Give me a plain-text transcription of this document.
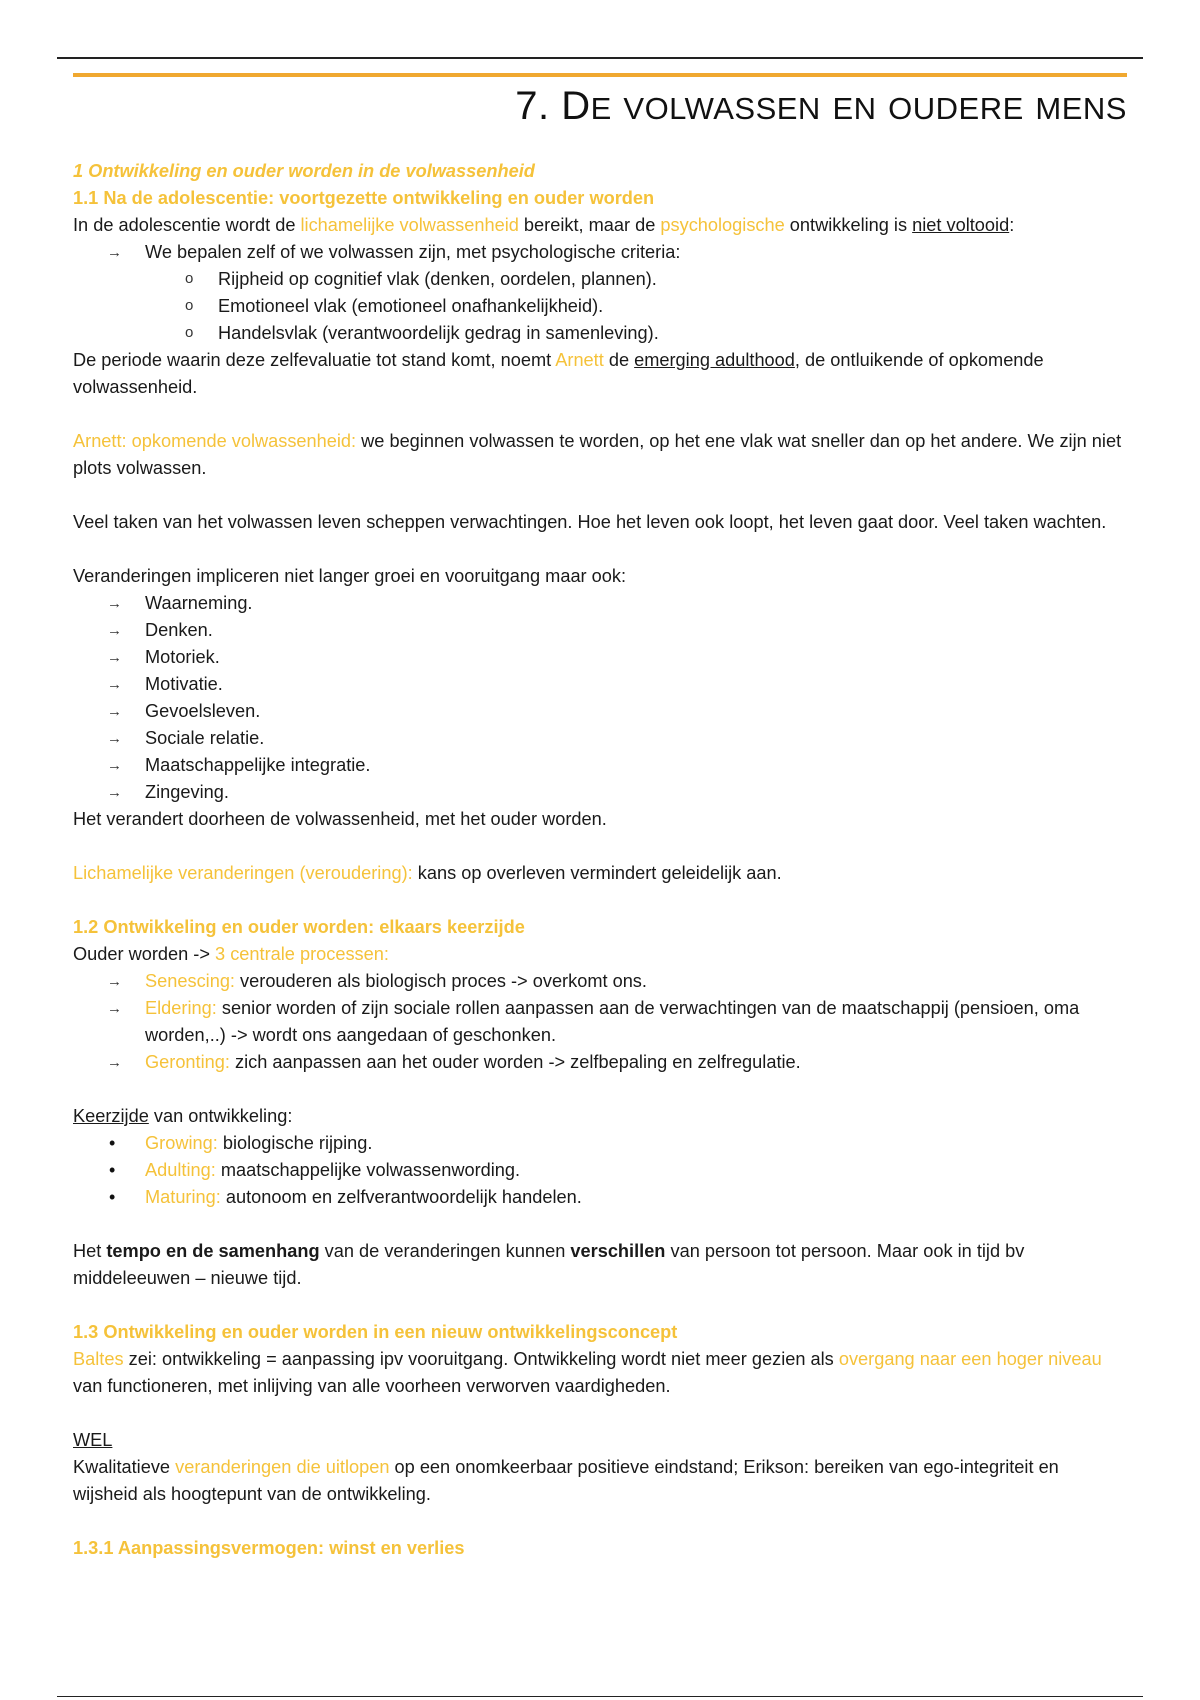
7. DE VOLWASSEN EN OUDERE MENS
1 Ontwikkeling en ouder worden in de volwassenheid
1.1 Na de adolescentie: voortgezette ontwikkeling en ouder worden

In de adolescentie wordt de lichamelijke volwassenheid bereikt, maar de psychologische ontwikkeling is niet voltooid:

→ We bepalen zelf of we volwassen zijn, met psychologische criteria:
o Rijpheid op cognitief vlak (denken, oordelen, plannen).
o Emotioneel vlak (emotioneel onafhankelijkheid).
o Handelsvlak (verantwoordelijk gedrag in samenleving).

De periode waarin deze zelfevaluatie tot stand komt, noemt Arnett de emerging adulthood, de ontluikende of opkomende volwassenheid.

Arnett: opkomende volwassenheid: we beginnen volwassen te worden, op het ene vlak wat sneller dan op het andere. We zijn niet plots volwassen.

Veel taken van het volwassen leven scheppen verwachtingen. Hoe het leven ook loopt, het leven gaat door. Veel taken wachten.

Veranderingen impliceren niet langer groei en vooruitgang maar ook:

→ Waarneming.
→ Denken.
→ Motoriek.
→ Motivatie.
→ Gevoelsleven.
→ Sociale relatie.
→ Maatschappelijke integratie.
→ Zingeving.

Het verandert doorheen de volwassenheid, met het ouder worden.

Lichamelijke veranderingen (veroudering): kans op overleven vermindert geleidelijk aan.

1.2 Ontwikkeling en ouder worden: elkaars keerzijde

Ouder worden -> 3 centrale processen:

→ Senescing: verouderen als biologisch proces -> overkomt ons.
→ Eldering: senior worden of zijn sociale rollen aanpassen aan de verwachtingen van de maatschappij (pensioen, oma worden,..) -> wordt ons aangedaan of geschonken.
→ Geronting: zich aanpassen aan het ouder worden -> zelfbepaling en zelfregulatie.

Keerzijde van ontwikkeling:

• Growing: biologische rijping.
• Adulting: maatschappelijke volwassenwording.
• Maturing: autonoom en zelfverantwoordelijk handelen.

Het tempo en de samenhang van de veranderingen kunnen verschillen van persoon tot persoon. Maar ook in tijd bv middeleeuwen – nieuwe tijd.

1.3 Ontwikkeling en ouder worden in een nieuw ontwikkelingsconcept

Baltes zei: ontwikkeling = aanpassing ipv vooruitgang. Ontwikkeling wordt niet meer gezien als overgang naar een hoger niveau van functioneren, met inlijving van alle voorheen verworven vaardigheden.

WEL

Kwalitatieve veranderingen die uitlopen op een onomkeerbaar positieve eindstand; Erikson: bereiken van ego-integriteit en wijsheid als hoogtepunt van de ontwikkeling.

1.3.1 Aanpassingsvermogen: winst en verlies
